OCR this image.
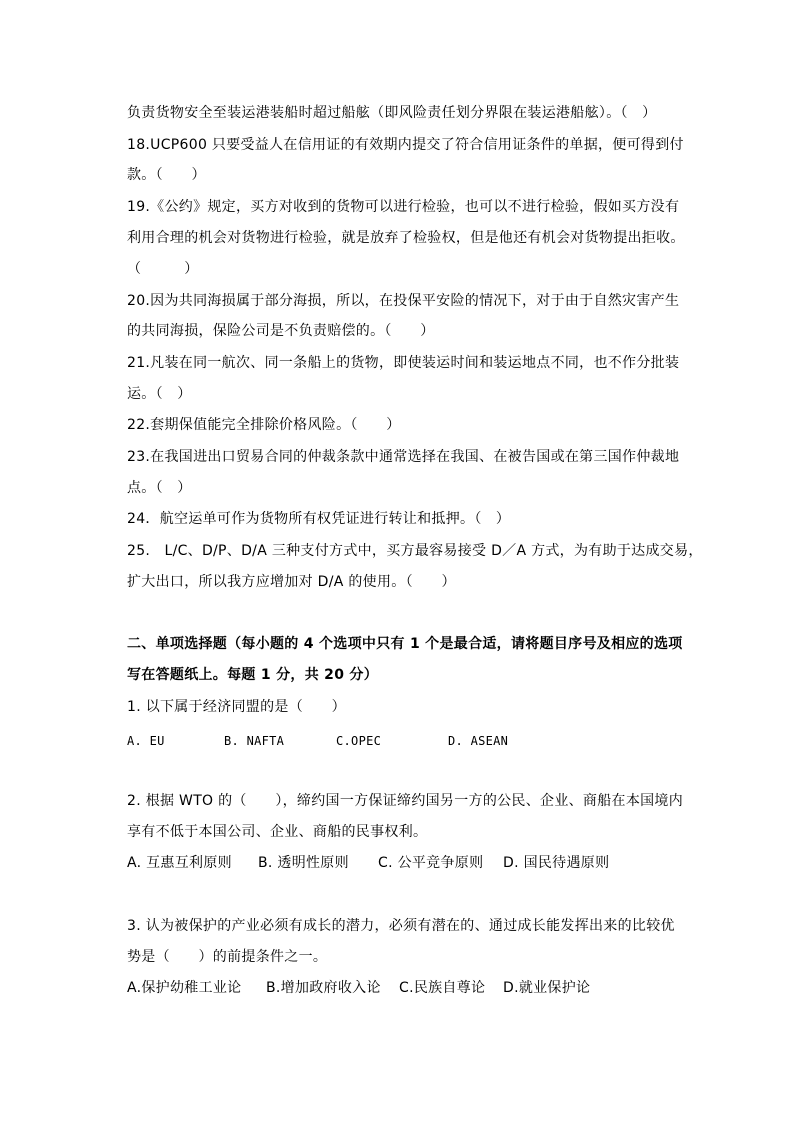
负责货物安全至装运港装船时超过船舷（即风险责任划分界限在装运港船舷）。（　）
18.UCP600 只要受益人在信用证的有效期内提交了符合信用证条件的单据，便可得到付
款。（　　）
19.《公约》规定，买方对收到的货物可以进行检验，也可以不进行检验，假如买方没有
利用合理的机会对货物进行检验，就是放弃了检验权，但是他还有机会对货物提出拒收。
（　　　）
20.因为共同海损属于部分海损，所以，在投保平安险的情况下，对于由于自然灾害产生
的共同海损，保险公司是不负责赔偿的。（　　）
21.凡装在同一航次、同一条船上的货物，即使装运时间和装运地点不同，也不作分批装
运。（　）
22.套期保值能完全排除价格风险。（　　）
23.在我国进出口贸易合同的仲裁条款中通常选择在我国、在被告国或在第三国作仲裁地
点。（　）
24．航空运单可作为货物所有权凭证进行转让和抵押。（　）
25.　L/C、D/P、D/A 三种支付方式中，买方最容易接受 D／A 方式，为有助于达成交易，
扩大出口，所以我方应增加对 D/A 的使用。（　　）
二、单项选择题（每小题的 4 个选项中只有 1 个是最合适，请将题目序号及相应的选项
写在答题纸上。每题 1 分，共 20 分）
1. 以下属于经济同盟的是（　　）
A. EU	B. NAFTA	C.OPEC	D. ASEAN
2. 根据 WTO 的（　　），缔约国一方保证缔约国另一方的公民、企业、商船在本国境内
享有不低于本国公司、企业、商船的民事权利。
A. 互惠互利原则 B. 透明性原则 C. 公平竞争原则 D. 国民待遇原则
3. 认为被保护的产业必须有成长的潜力，必须有潜在的、通过成长能发挥出来的比较优
势是（　　）的前提条件之一。
A.保护幼稚工业论 B.增加政府收入论 C.民族自尊论 D.就业保护论
